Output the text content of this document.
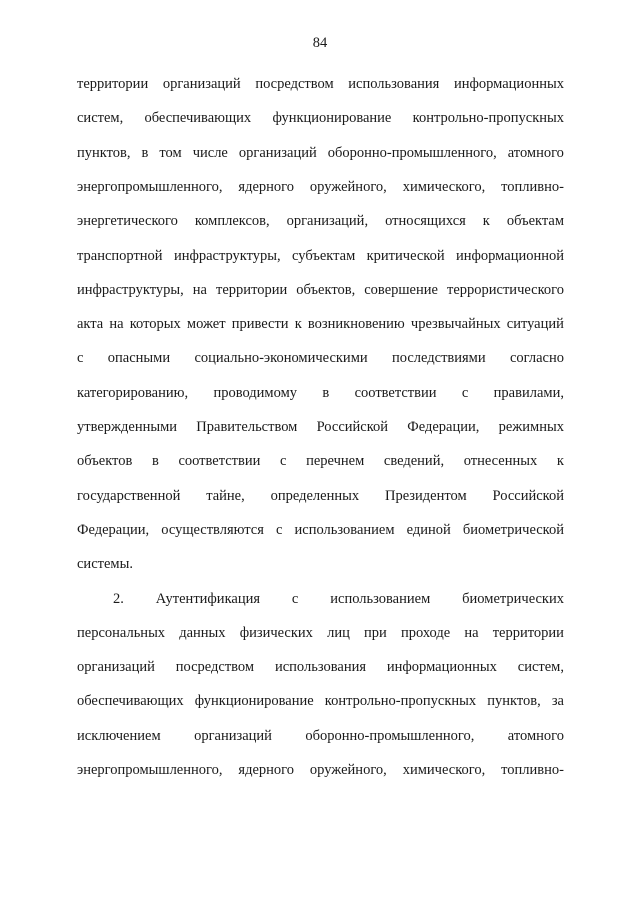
84
территории организаций посредством использования информационных
систем, обеспечивающих функционирование контрольно-пропускных
пунктов, в том числе организаций оборонно-промышленного, атомного
энергопромышленного, ядерного оружейного, химического, топливно-
энергетического комплексов, организаций, относящихся к объектам
транспортной инфраструктуры, субъектам критической информационной
инфраструктуры, на территории объектов, совершение террористического
акта на которых может привести к возникновению чрезвычайных ситуаций
с опасными социально-экономическими последствиями согласно
категорированию, проводимому в соответствии с правилами,
утвержденными Правительством Российской Федерации, режимных
объектов в соответствии с перечнем сведений, отнесенных к
государственной тайне, определенных Президентом Российской
Федерации, осуществляются с использованием единой биометрической
системы.
2. Аутентификация с использованием биометрических
персональных данных физических лиц при проходе на территории
организаций посредством использования информационных систем,
обеспечивающих функционирование контрольно-пропускных пунктов, за
исключением организаций оборонно-промышленного, атомного
энергопромышленного, ядерного оружейного, химического, топливно-
